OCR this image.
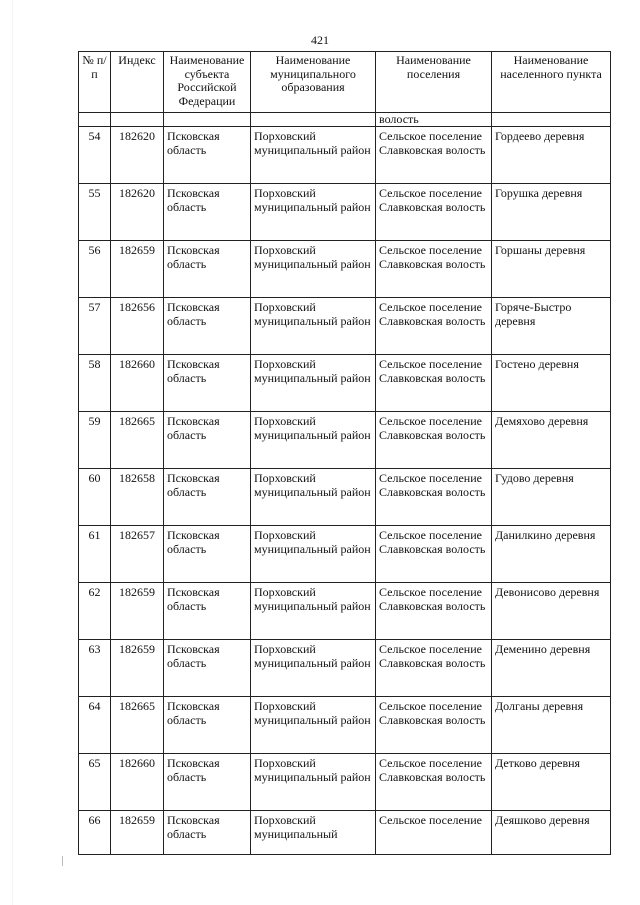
421
№ п/п	Индекс	Наименование субъекта Российской Федерации	Наименование муниципального образования	Наименование поселения	Наименование населенного пункта
				волость	
54	182620	Псковская область	Порховский муниципальный район	Сельское поселение Славковская волость	Гордеево деревня
55	182620	Псковская область	Порховский муниципальный район	Сельское поселение Славковская волость	Горушка деревня
56	182659	Псковская область	Порховский муниципальный район	Сельское поселение Славковская волость	Горшаны деревня
57	182656	Псковская область	Порховский муниципальный район	Сельское поселение Славковская волость	Горяче-Быстро деревня
58	182660	Псковская область	Порховский муниципальный район	Сельское поселение Славковская волость	Гостено деревня
59	182665	Псковская область	Порховский муниципальный район	Сельское поселение Славковская волость	Демяхово деревня
60	182658	Псковская область	Порховский муниципальный район	Сельское поселение Славковская волость	Гудово деревня
61	182657	Псковская область	Порховский муниципальный район	Сельское поселение Славковская волость	Данилкино деревня
62	182659	Псковская область	Порховский муниципальный район	Сельское поселение Славковская волость	Девонисово деревня
63	182659	Псковская область	Порховский муниципальный район	Сельское поселение Славковская волость	Деменино деревня
64	182665	Псковская область	Порховский муниципальный район	Сельское поселение Славковская волость	Долганы деревня
65	182660	Псковская область	Порховский муниципальный район	Сельское поселение Славковская волость	Детково деревня
66	182659	Псковская область	Порховский муниципальный	Сельское поселение	Деяшково деревня
